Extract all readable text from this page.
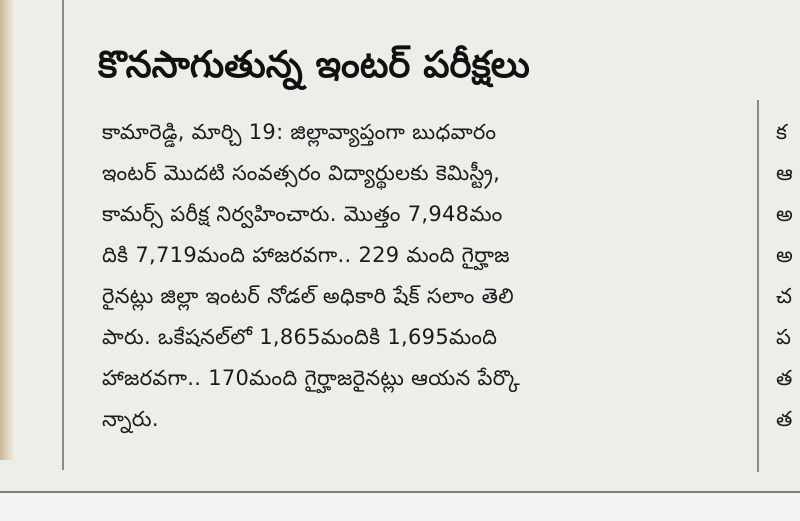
కొనసాగుతున్న ఇంటర్ పరీక్షలు
కామారెడ్డి, మార్చి 19: జిల్లావ్యాప్తంగా బుధవారం
ఇంటర్ మొదటి సంవత్సరం విద్యార్థులకు కెమిస్ట్రీ,
కామర్స్ పరీక్ష నిర్వహించారు. మొత్తం 7,948మం
దికి 7,719మంది హాజరవగా.. 229 మంది గైర్హాజ
రైనట్లు జిల్లా ఇంటర్ నోడల్ అధికారి షేక్ సలాం తెలి
పారు. ఒకేషనల్‌లో 1,865మందికి 1,695మంది
హాజరవగా.. 170మంది గైర్హాజరైనట్లు ఆయన పేర్కొ
న్నారు.
క
ఆ
అ
అ
చ
ప
త
త
